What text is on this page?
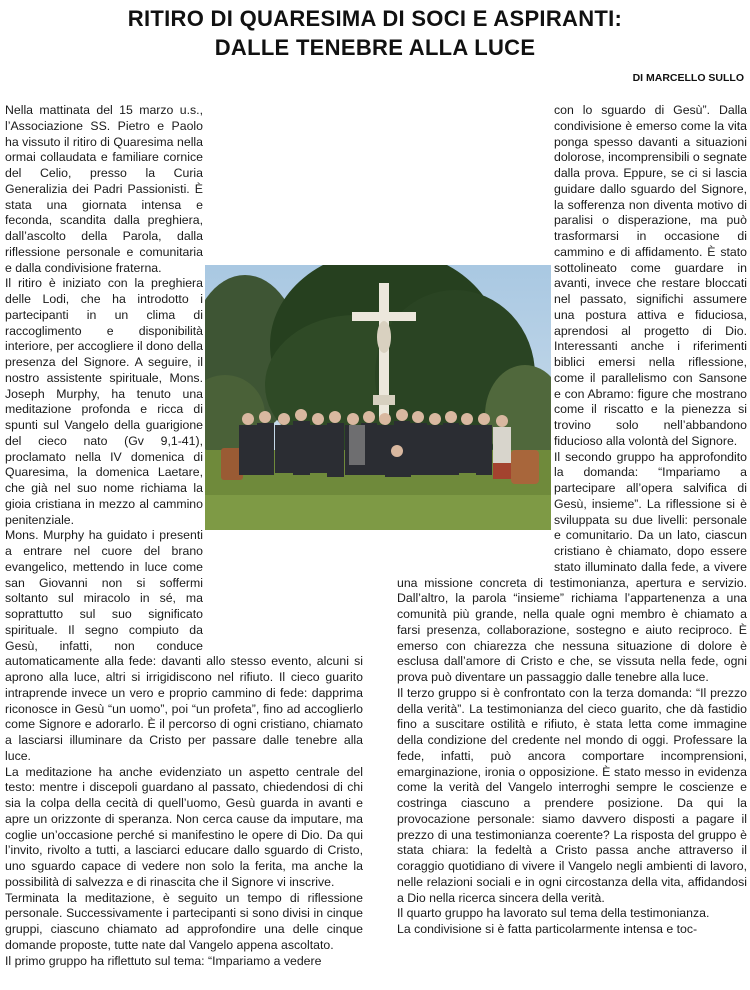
RITIRO DI QUARESIMA DI SOCI E ASPIRANTI:
DALLE TENEBRE ALLA LUCE
DI MARCELLO SULLO

Nella mattinata del 15 marzo u.s., l’Associazione SS. Pietro e Paolo ha vissuto il ritiro di Quaresima nella ormai collaudata e familiare cornice del Celio, presso la Curia Generalizia dei Padri Passionisti. È stata una giornata intensa e feconda, scandita dalla preghiera, dall’ascolto della Parola, dalla riflessione personale e comunitaria e dalla condivisione fraterna.

Il ritiro è iniziato con la preghiera delle Lodi, che ha introdotto i partecipanti in un clima di raccoglimento e disponibilità interiore, per accogliere il dono della presenza del Signore. A seguire, il nostro assistente spirituale, Mons. Joseph Murphy, ha tenuto una meditazione profonda e ricca di spunti sul Vangelo della guarigione del cieco nato (Gv 9,1-41), proclamato nella IV domenica di Quaresima, la domenica Laetare, che già nel suo nome richiama la gioia cristiana in mezzo al cammino penitenziale.

Mons. Murphy ha guidato i presenti a entrare nel cuore del brano evangelico, mettendo in luce come san Giovanni non si soffermi soltanto sul miracolo in sé, ma soprattutto sul suo significato spirituale. Il segno compiuto da Gesù, infatti, non conduce automaticamente alla fede: davanti allo stesso evento, alcuni si aprono alla luce, altri si irrigidiscono nel rifiuto. Il cieco guarito intraprende invece un vero e proprio cammino di fede: dapprima riconosce in Gesù “un uomo”, poi “un profeta”, fino ad accoglierlo come Signore e adorarlo. È il percorso di ogni cristiano, chiamato a lasciarsi illuminare da Cristo per passare dalle tenebre alla luce.

La meditazione ha anche evidenziato un aspetto centrale del testo: mentre i discepoli guardano al passato, chiedendosi di chi sia la colpa della cecità di quell’uomo, Gesù guarda in avanti e apre un orizzonte di speranza. Non cerca cause da imputare, ma coglie un’occasione perché si manifestino le opere di Dio. Da qui l’invito, rivolto a tutti, a lasciarci educare dallo sguardo di Cristo, uno sguardo capace di vedere non solo la ferita, ma anche la possibilità di salvezza e di rinascita che il Signore vi inscrive.

Terminata la meditazione, è seguito un tempo di riflessione personale. Successivamente i partecipanti si sono divisi in cinque gruppi, ciascuno chiamato ad approfondire una delle cinque domande proposte, tutte nate dal Vangelo appena ascoltato.

Il primo gruppo ha riflettuto sul tema: “Impariamo a vedere

con lo sguardo di Gesù”. Dalla condivisione è emerso come la vita ponga spesso davanti a situazioni dolorose, incomprensibili o segnate dalla prova. Eppure, se ci si lascia guidare dallo sguardo del Signore, la sofferenza non diventa motivo di paralisi o disperazione, ma può trasformarsi in occasione di cammino e di affidamento. È stato sottolineato come guardare in avanti, invece che restare bloccati nel passato, significhi assumere una postura attiva e fiduciosa, aprendosi al progetto di Dio. Interessanti anche i riferimenti biblici emersi nella riflessione, come il parallelismo con Sansone e con Abramo: figure che mostrano come il riscatto e la pienezza si trovino solo nell’abbandono fiducioso alla volontà del Signore.

Il secondo gruppo ha approfondito la domanda: “Impariamo a partecipare all’opera salvifica di Gesù, insieme”. La riflessione si è sviluppata su due livelli: personale e comunitario. Da un lato, ciascun cristiano è chiamato, dopo essere stato illuminato dalla fede, a vivere una missione concreta di testimonianza, apertura e servizio. Dall’altro, la parola “insieme” richiama l’appartenenza a una comunità più grande, nella quale ogni membro è chiamato a farsi presenza, collaborazione, sostegno e aiuto reciproco. È emerso con chiarezza che nessuna situazione di dolore è esclusa dall’amore di Cristo e che, se vissuta nella fede, ogni prova può diventare un passaggio dalle tenebre alla luce.

Il terzo gruppo si è confrontato con la terza domanda: “Il prezzo della verità”. La testimonianza del cieco guarito, che dà fastidio fino a suscitare ostilità e rifiuto, è stata letta come immagine della condizione del credente nel mondo di oggi. Professare la fede, infatti, può ancora comportare incomprensioni, emarginazione, ironia o opposizione. È stato messo in evidenza come la verità del Vangelo interroghi sempre le coscienze e costringa ciascuno a prendere posizione. Da qui la provocazione personale: siamo davvero disposti a pagare il prezzo di una testimonianza coerente? La risposta del gruppo è stata chiara: la fedeltà a Cristo passa anche attraverso il coraggio quotidiano di vivere il Vangelo negli ambienti di lavoro, nelle relazioni sociali e in ogni circostanza della vita, affidandosi a Dio nella ricerca sincera della verità.

Il quarto gruppo ha lavorato sul tema della testimonianza.

La condivisione si è fatta particolarmente intensa e toc-
